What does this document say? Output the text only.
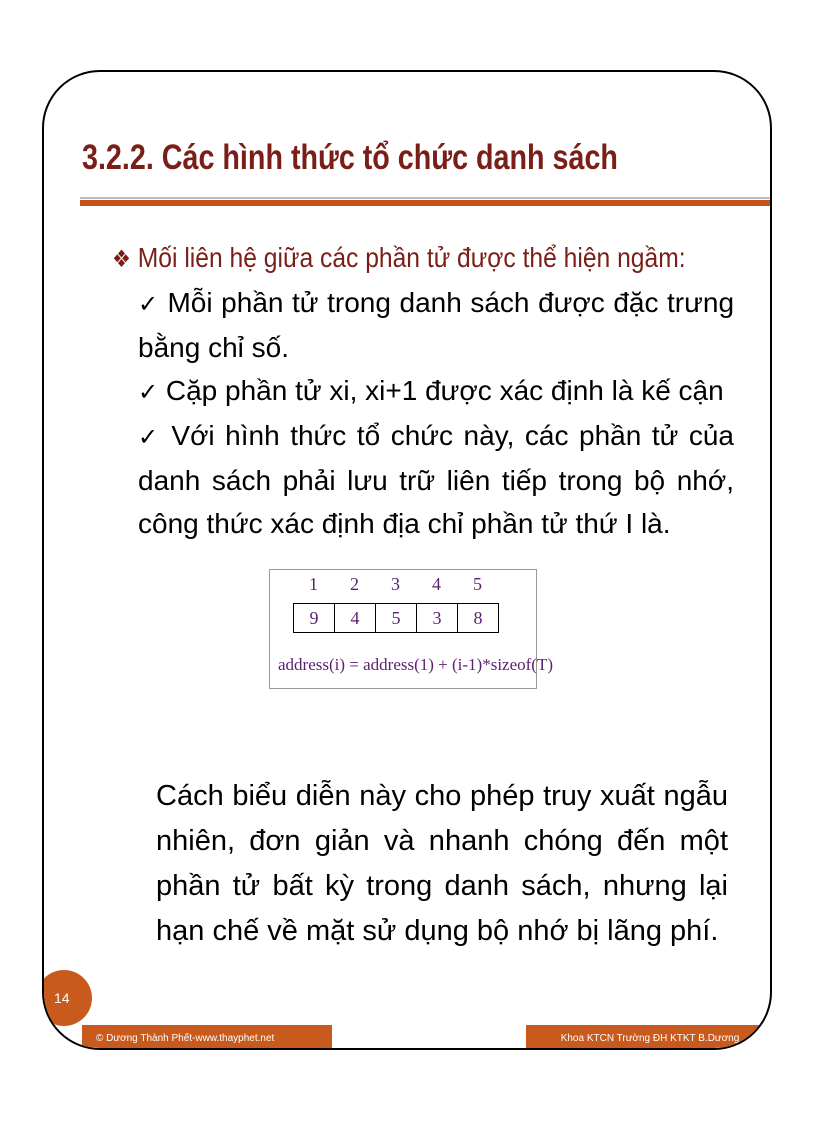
3.2.2. Các hình thức tổ chức danh sách
❖ Mối liên hệ giữa các phần tử được thể hiện ngầm:
✓ Mỗi phần tử trong danh sách được đặc trưng bằng chỉ số.
✓ Cặp phần tử xi, xi+1 được xác định là kế cận
✓ Với hình thức tổ chức này, các phần tử của danh sách phải lưu trữ liên tiếp trong bộ nhớ, công thức xác định địa chỉ phần tử thứ I là.
1	2	3	4	5
9	4	5	3	8
address(i) = address(1) + (i-1)*sizeof(T)
Cách biểu diễn này cho phép truy xuất ngẫu nhiên, đơn giản và nhanh chóng đến một phần tử bất kỳ trong danh sách, nhưng lại hạn chế về mặt sử dụng bộ nhớ bị lãng phí.
14
© Dương Thành Phết-www.thayphet.net	Khoa KTCN Trường ĐH KTKT B.Dương
